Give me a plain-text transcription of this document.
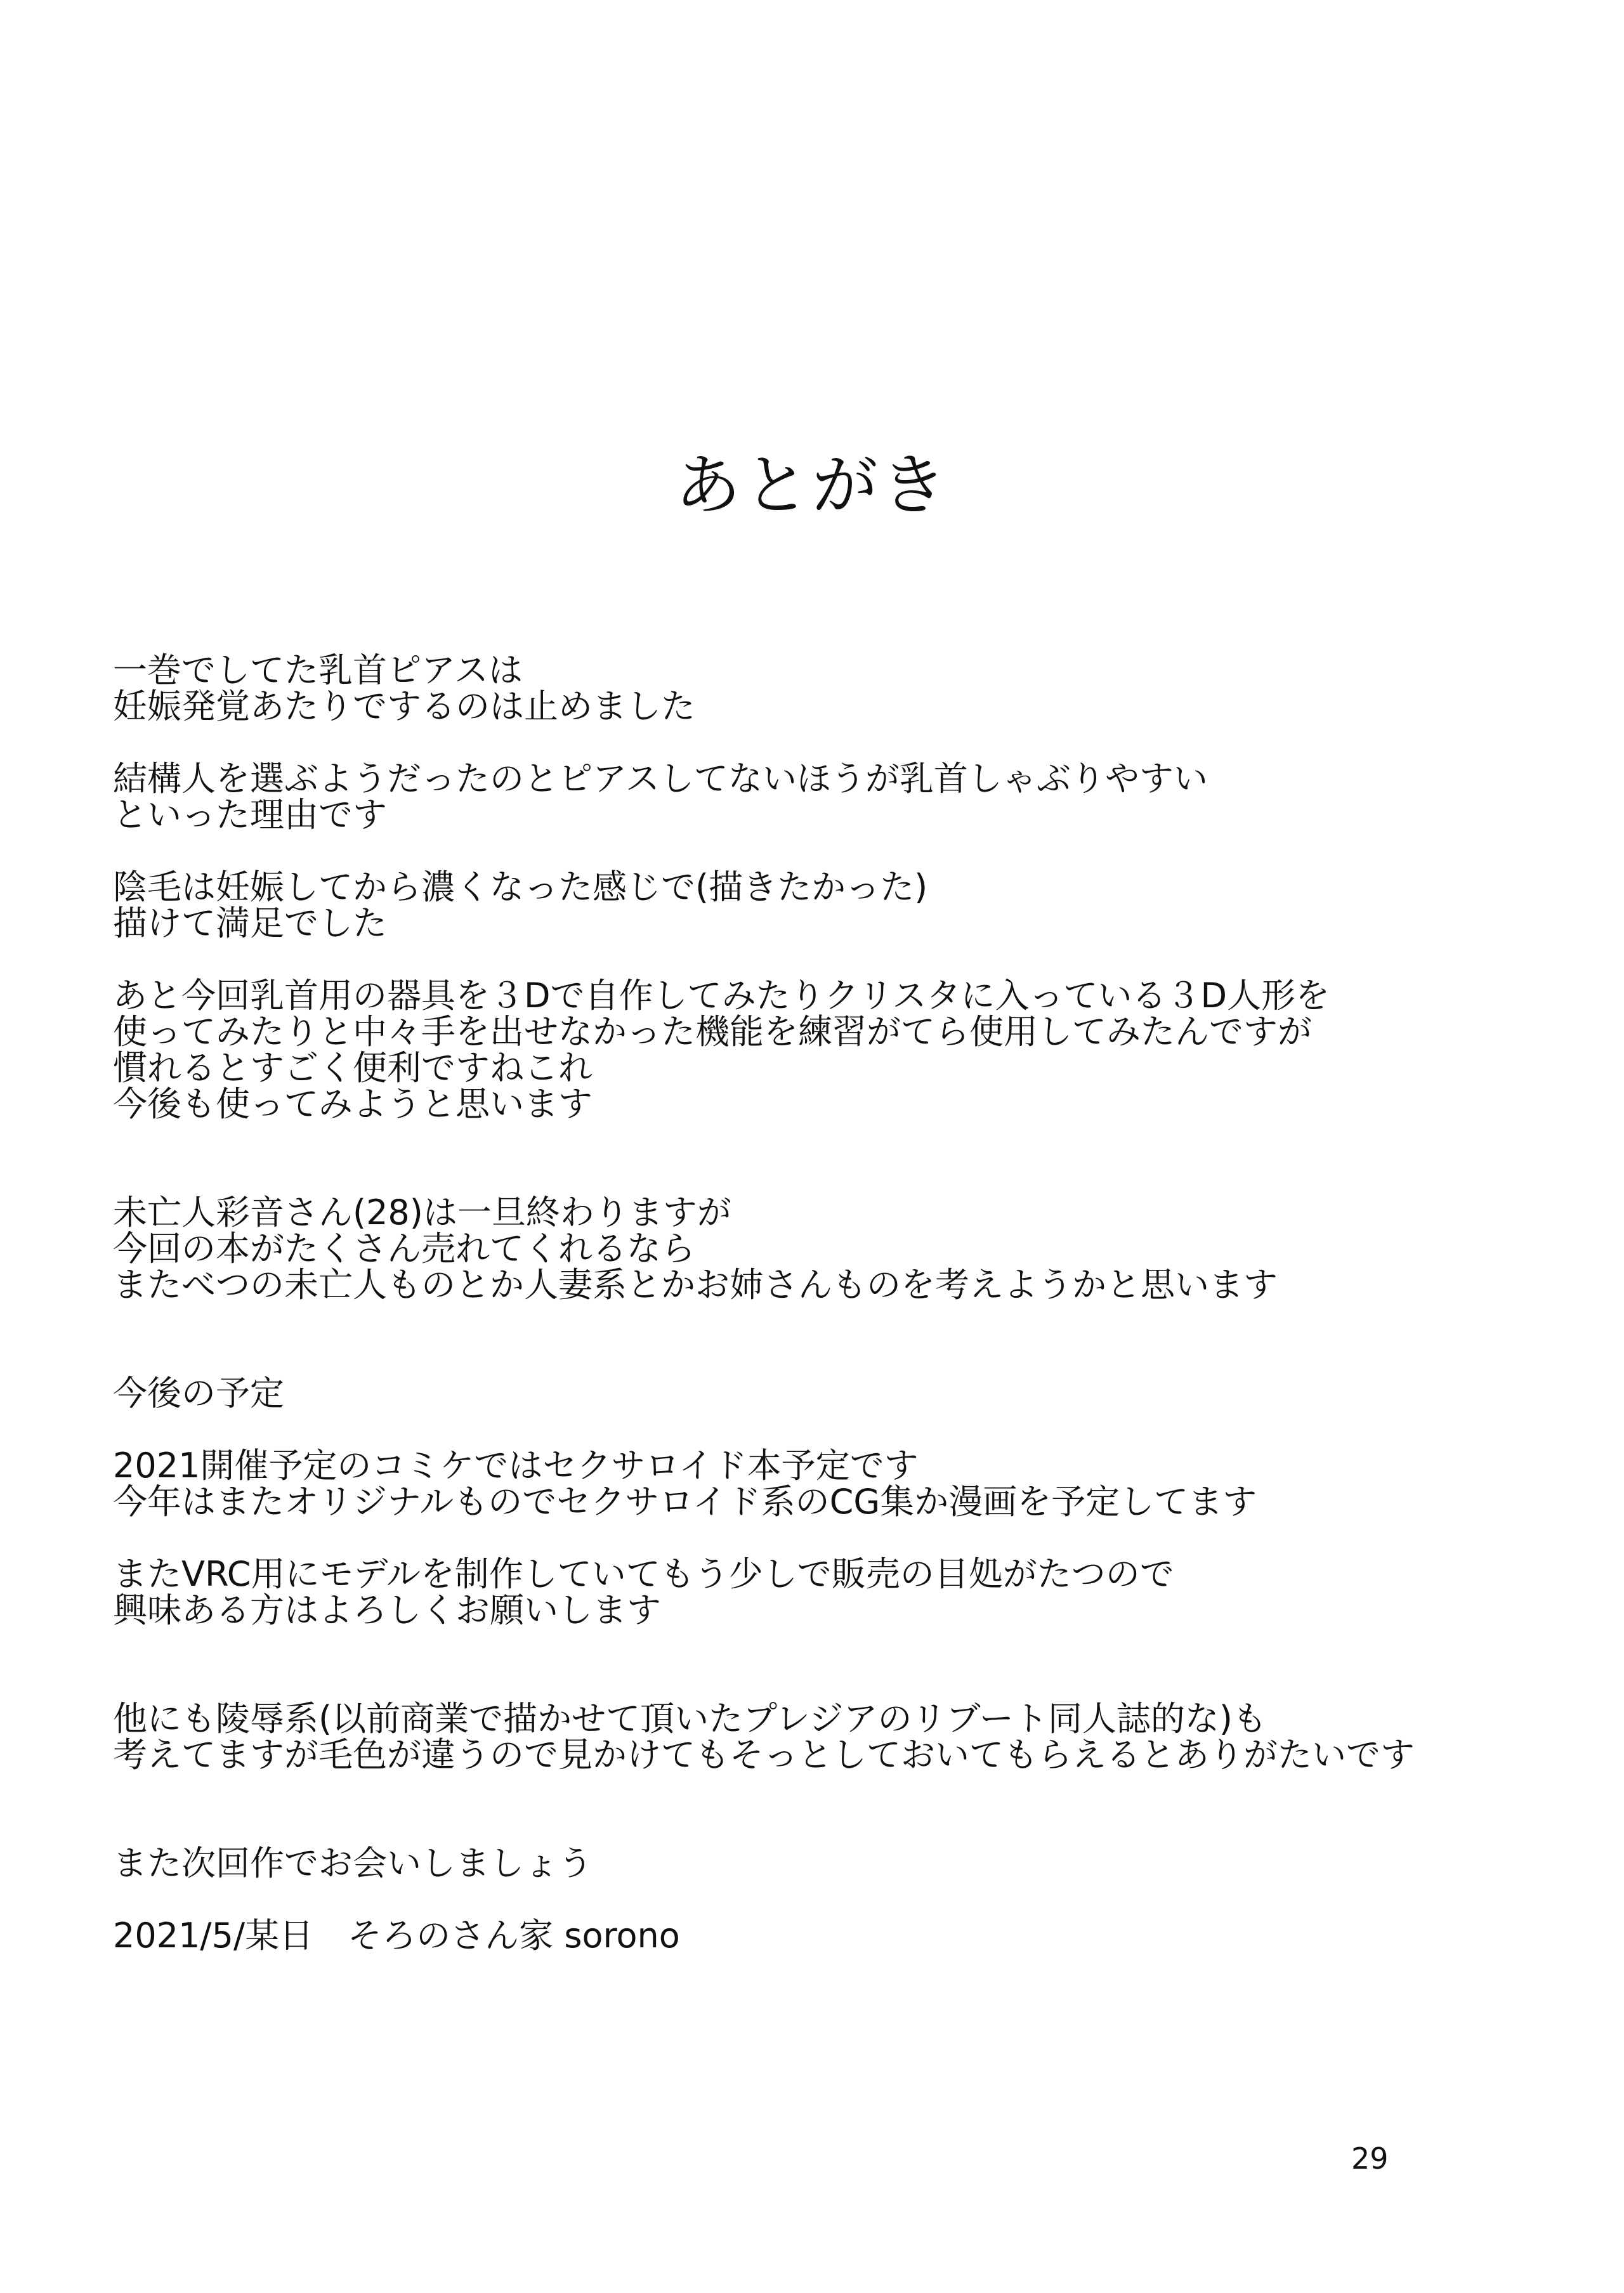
あとがき
一巻でしてた乳首ピアスは
妊娠発覚あたりでするのは止めました
結構人を選ぶようだったのとピアスしてないほうが乳首しゃぶりやすい
といった理由です
陰毛は妊娠してから濃くなった感じで(描きたかった)
描けて満足でした
あと今回乳首用の器具を３Dで自作してみたりクリスタに入っている３D人形を
使ってみたりと中々手を出せなかった機能を練習がてら使用してみたんですが
慣れるとすごく便利ですねこれ
今後も使ってみようと思います
未亡人彩音さん(28)は一旦終わりますが
今回の本がたくさん売れてくれるなら
またべつの未亡人ものとか人妻系とかお姉さんものを考えようかと思います
今後の予定
2021開催予定のコミケではセクサロイド本予定です
今年はまたオリジナルものでセクサロイド系のCG集か漫画を予定してます
またVRC用にモデルを制作していてもう少しで販売の目処がたつので
興味ある方はよろしくお願いします
他にも陵辱系(以前商業で描かせて頂いたプレジアのリブート同人誌的な)も
考えてますが毛色が違うので見かけてもそっとしておいてもらえるとありがたいです
また次回作でお会いしましょう
2021/5/某日　そろのさん家 sorono
29
